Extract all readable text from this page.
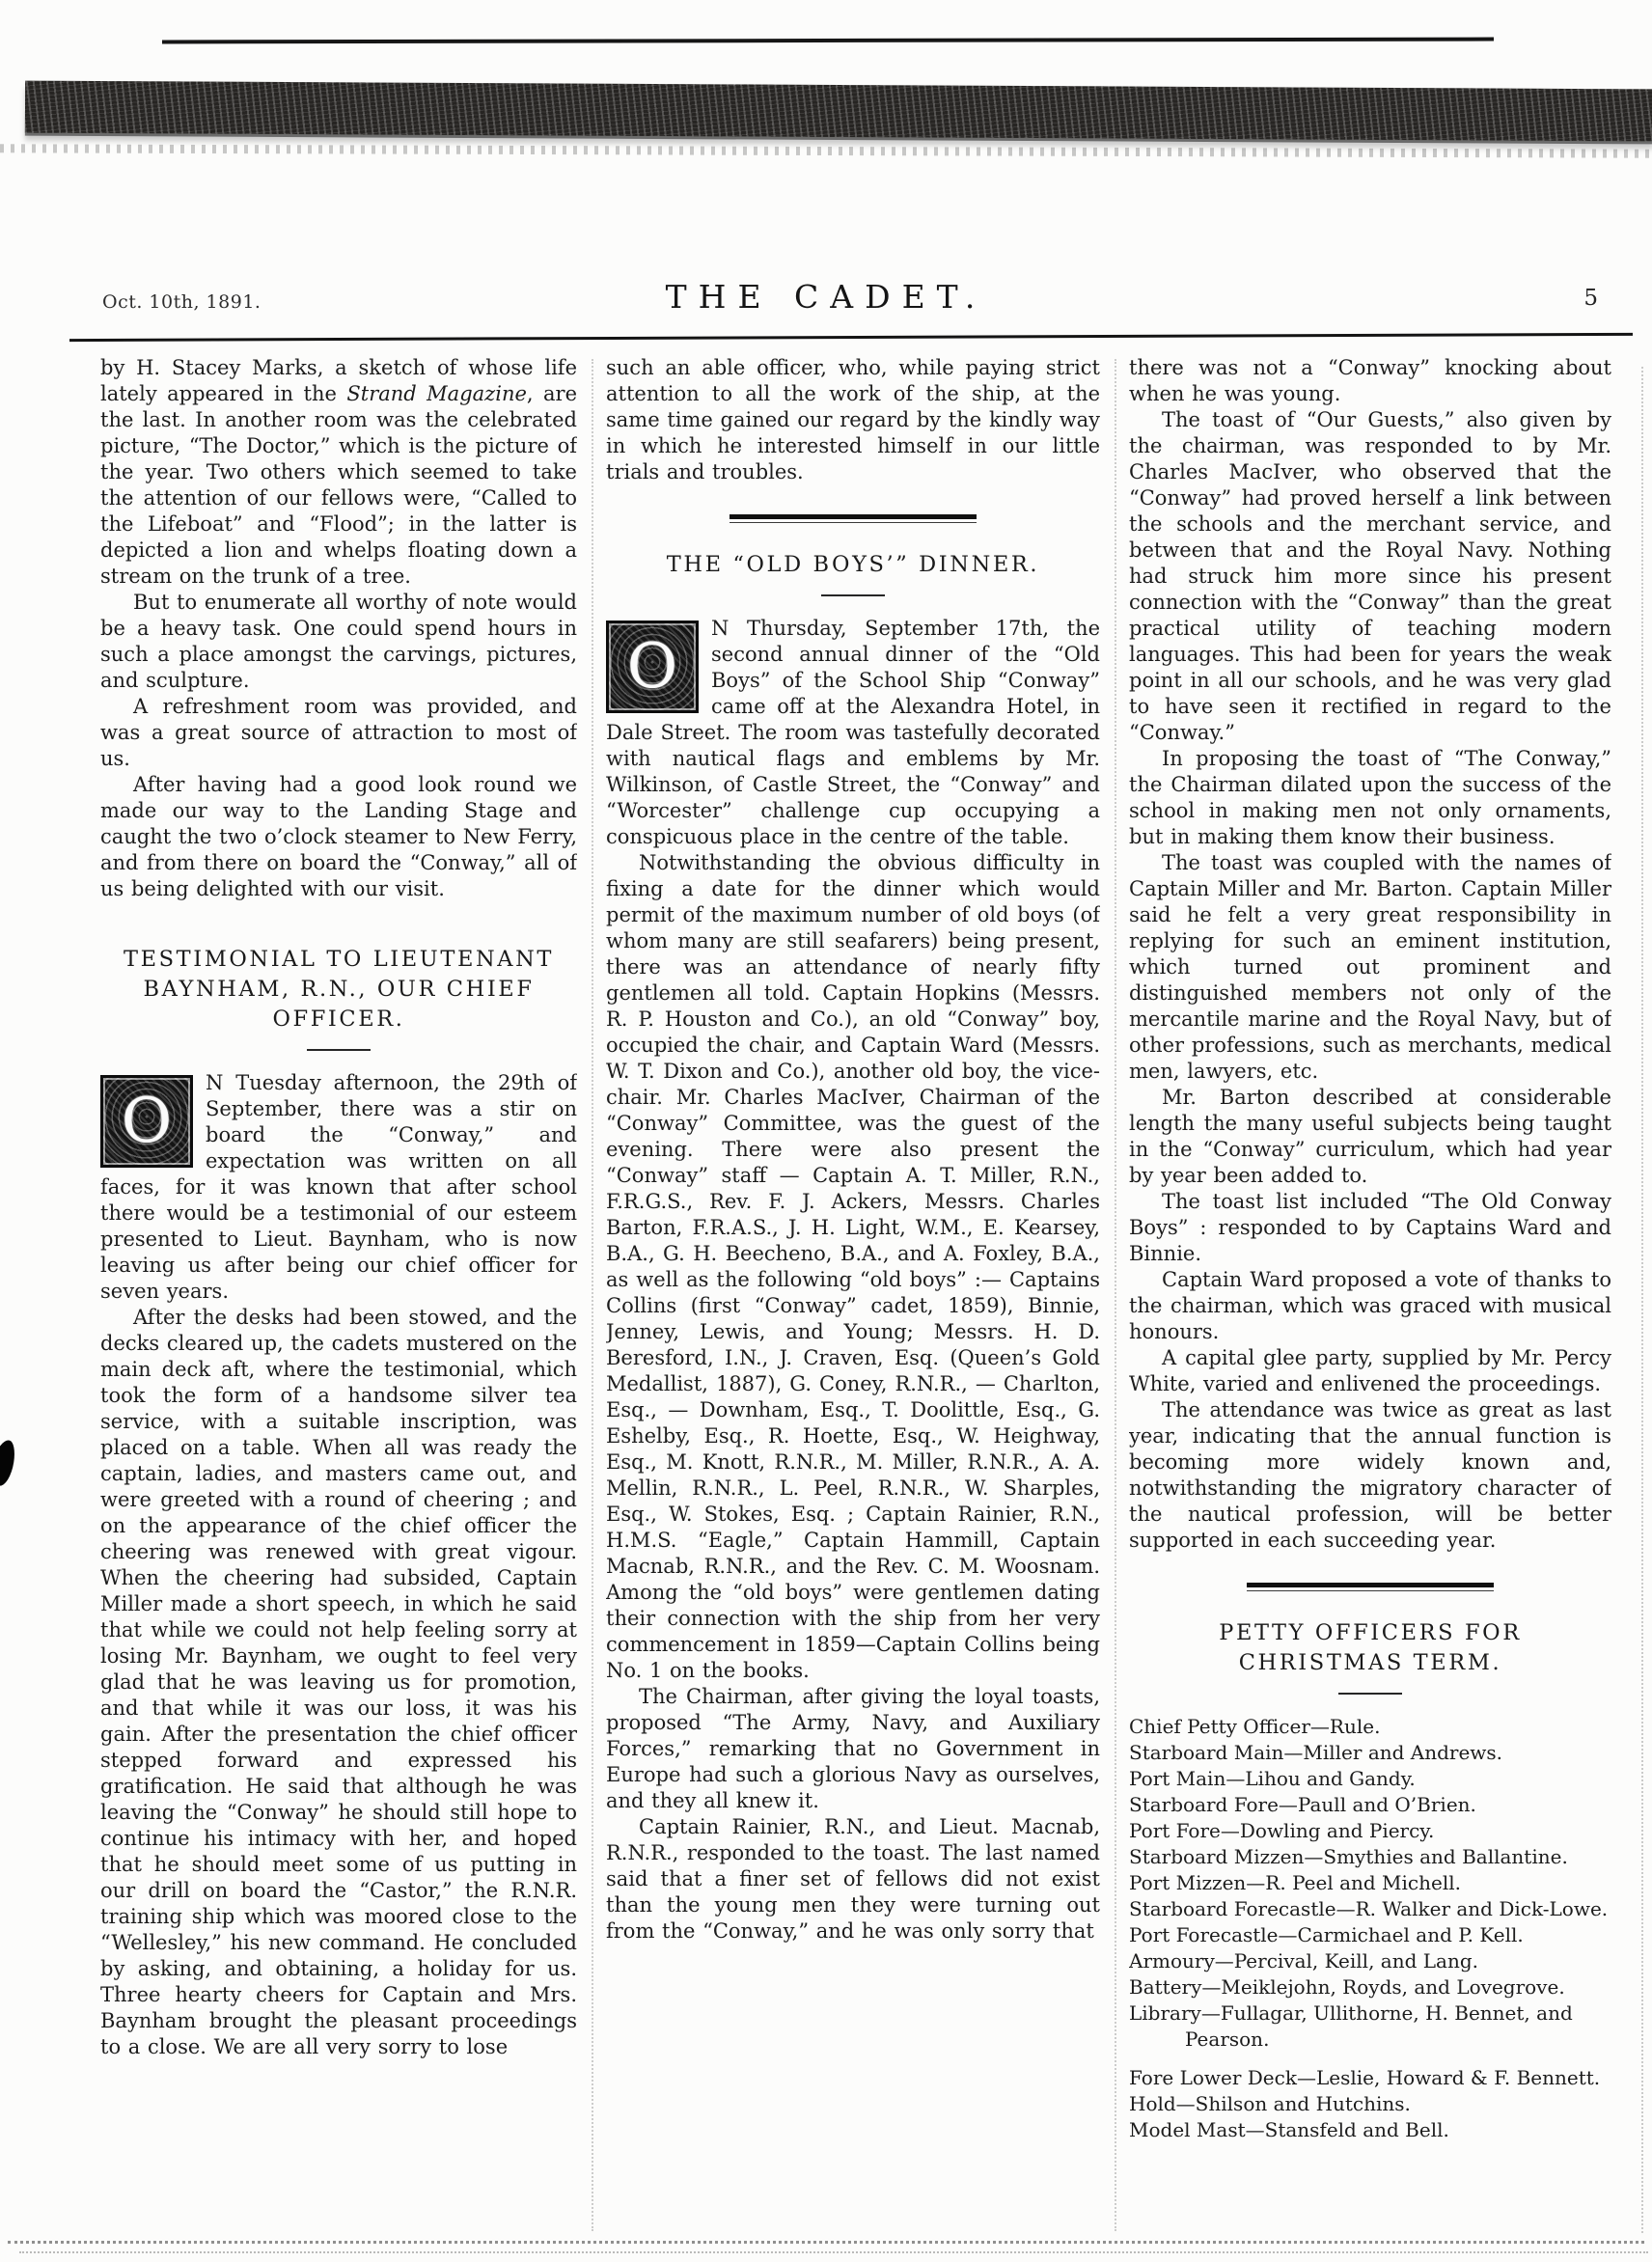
Oct. 10th, 1891.	THE CADET.	5

by H. Stacey Marks, a sketch of whose life lately appeared in the Strand Magazine, are the last. In another room was the celebrated picture, “The Doctor,” which is the picture of the year. Two others which seemed to take the attention of our fellows were, “Called to the Lifeboat” and “Flood”; in the latter is depicted a lion and whelps floating down a stream on the trunk of a tree.

But to enumerate all worthy of note would be a heavy task. One could spend hours in such a place amongst the carvings, pictures, and sculpture.

A refreshment room was provided, and was a great source of attraction to most of us.

After having had a good look round we made our way to the Landing Stage and caught the two o’clock steamer to New Ferry, and from there on board the “Conway,” all of us being delighted with our visit.

TESTIMONIAL TO LIEUTENANT BAYNHAM, R.N., OUR CHIEF OFFICER.

O
N Tuesday afternoon, the 29th of September, there was a stir on board the “Conway,” and expectation was written on all faces, for it was known that after school there would be a testimonial of our esteem presented to Lieut. Baynham, who is now leaving us after being our chief officer for seven years.

After the desks had been stowed, and the decks cleared up, the cadets mustered on the main deck aft, where the testimonial, which took the form of a handsome silver tea service, with a suitable inscription, was placed on a table. When all was ready the captain, ladies, and masters came out, and were greeted with a round of cheering ; and on the appearance of the chief officer the cheering was renewed with great vigour. When the cheering had subsided, Captain Miller made a short speech, in which he said that while we could not help feeling sorry at losing Mr. Baynham, we ought to feel very glad that he was leaving us for promotion, and that while it was our loss, it was his gain. After the presentation the chief officer stepped forward and expressed his gratification. He said that although he was leaving the “Conway” he should still hope to continue his intimacy with her, and hoped that he should meet some of us putting in our drill on board the “Castor,” the R.N.R. training ship which was moored close to the “Wellesley,” his new command. He concluded by asking, and obtaining, a holiday for us. Three hearty cheers for Captain and Mrs. Baynham brought the pleasant proceedings to a close. We are all very sorry to lose

such an able officer, who, while paying strict attention to all the work of the ship, at the same time gained our regard by the kindly way in which he interested himself in our little trials and troubles.

THE “OLD BOYS’” DINNER.

O
N Thursday, September 17th, the second annual dinner of the “Old Boys” of the School Ship “Conway” came off at the Alexandra Hotel, in Dale Street. The room was tastefully decorated with nautical flags and emblems by Mr. Wilkinson, of Castle Street, the “Conway” and “Worcester” challenge cup occupying a conspicuous place in the centre of the table.

Notwithstanding the obvious difficulty in fixing a date for the dinner which would permit of the maximum number of old boys (of whom many are still seafarers) being present, there was an attendance of nearly fifty gentlemen all told. Captain Hopkins (Messrs. R. P. Houston and Co.), an old “Conway” boy, occupied the chair, and Captain Ward (Messrs. W. T. Dixon and Co.), another old boy, the vice-chair. Mr. Charles MacIver, Chairman of the “Conway” Committee, was the guest of the evening. There were also present the “Conway” staff — Captain A. T. Miller, R.N., F.R.G.S., Rev. F. J. Ackers, Messrs. Charles Barton, F.R.A.S., J. H. Light, W.M., E. Kearsey, B.A., G. H. Beecheno, B.A., and A. Foxley, B.A., as well as the following “old boys” :— Captains Collins (first “Conway” cadet, 1859), Binnie, Jenney, Lewis, and Young; Messrs. H. D. Beresford, I.N., J. Craven, Esq. (Queen’s Gold Medallist, 1887), G. Coney, R.N.R., — Charlton, Esq., — Downham, Esq., T. Doolittle, Esq., G. Eshelby, Esq., R. Hoette, Esq., W. Heighway, Esq., M. Knott, R.N.R., M. Miller, R.N.R., A. A. Mellin, R.N.R., L. Peel, R.N.R., W. Sharples, Esq., W. Stokes, Esq. ; Captain Rainier, R.N., H.M.S. “Eagle,” Captain Hammill, Captain Macnab, R.N.R., and the Rev. C. M. Woosnam. Among the “old boys” were gentlemen dating their connection with the ship from her very commencement in 1859—Captain Collins being No. 1 on the books.

The Chairman, after giving the loyal toasts, proposed “The Army, Navy, and Auxiliary Forces,” remarking that no Government in Europe had such a glorious Navy as ourselves, and they all knew it.

Captain Rainier, R.N., and Lieut. Macnab, R.N.R., responded to the toast. The last named said that a finer set of fellows did not exist than the young men they were turning out from the “Conway,” and he was only sorry that

there was not a “Conway” knocking about when he was young.

The toast of “Our Guests,” also given by the chairman, was responded to by Mr. Charles MacIver, who observed that the “Conway” had proved herself a link between the schools and the merchant service, and between that and the Royal Navy. Nothing had struck him more since his present connection with the “Conway” than the great practical utility of teaching modern languages. This had been for years the weak point in all our schools, and he was very glad to have seen it rectified in regard to the “Conway.”

In proposing the toast of “The Conway,” the Chairman dilated upon the success of the school in making men not only ornaments, but in making them know their business.

The toast was coupled with the names of Captain Miller and Mr. Barton. Captain Miller said he felt a very great responsibility in replying for such an eminent institution, which turned out prominent and distinguished members not only of the mercantile marine and the Royal Navy, but of other professions, such as merchants, medical men, lawyers, etc.

Mr. Barton described at considerable length the many useful subjects being taught in the “Conway” curriculum, which had year by year been added to.

The toast list included “The Old Conway Boys” : responded to by Captains Ward and Binnie.

Captain Ward proposed a vote of thanks to the chairman, which was graced with musical honours.

A capital glee party, supplied by Mr. Percy White, varied and enlivened the proceedings.

The attendance was twice as great as last year, indicating that the annual function is becoming more widely known and, notwithstanding the migratory character of the nautical profession, will be better supported in each succeeding year.

PETTY OFFICERS FOR CHRISTMAS TERM.
Chief Petty Officer—Rule.
Starboard Main—Miller and Andrews.
Port Main—Lihou and Gandy.
Starboard Fore—Paull and O’Brien.
Port Fore—Dowling and Piercy.
Starboard Mizzen—Smythies and Ballantine.
Port Mizzen—R. Peel and Michell.
Starboard Forecastle—R. Walker and Dick-Lowe.
Port Forecastle—Carmichael and P. Kell.
Armoury—Percival, Keill, and Lang.
Battery—Meiklejohn, Royds, and Lovegrove.
Library—Fullagar, Ullithorne, H. Bennet, and Pearson.
Fore Lower Deck—Leslie, Howard & F. Bennett.
Hold—Shilson and Hutchins.
Model Mast—Stansfeld and Bell.
